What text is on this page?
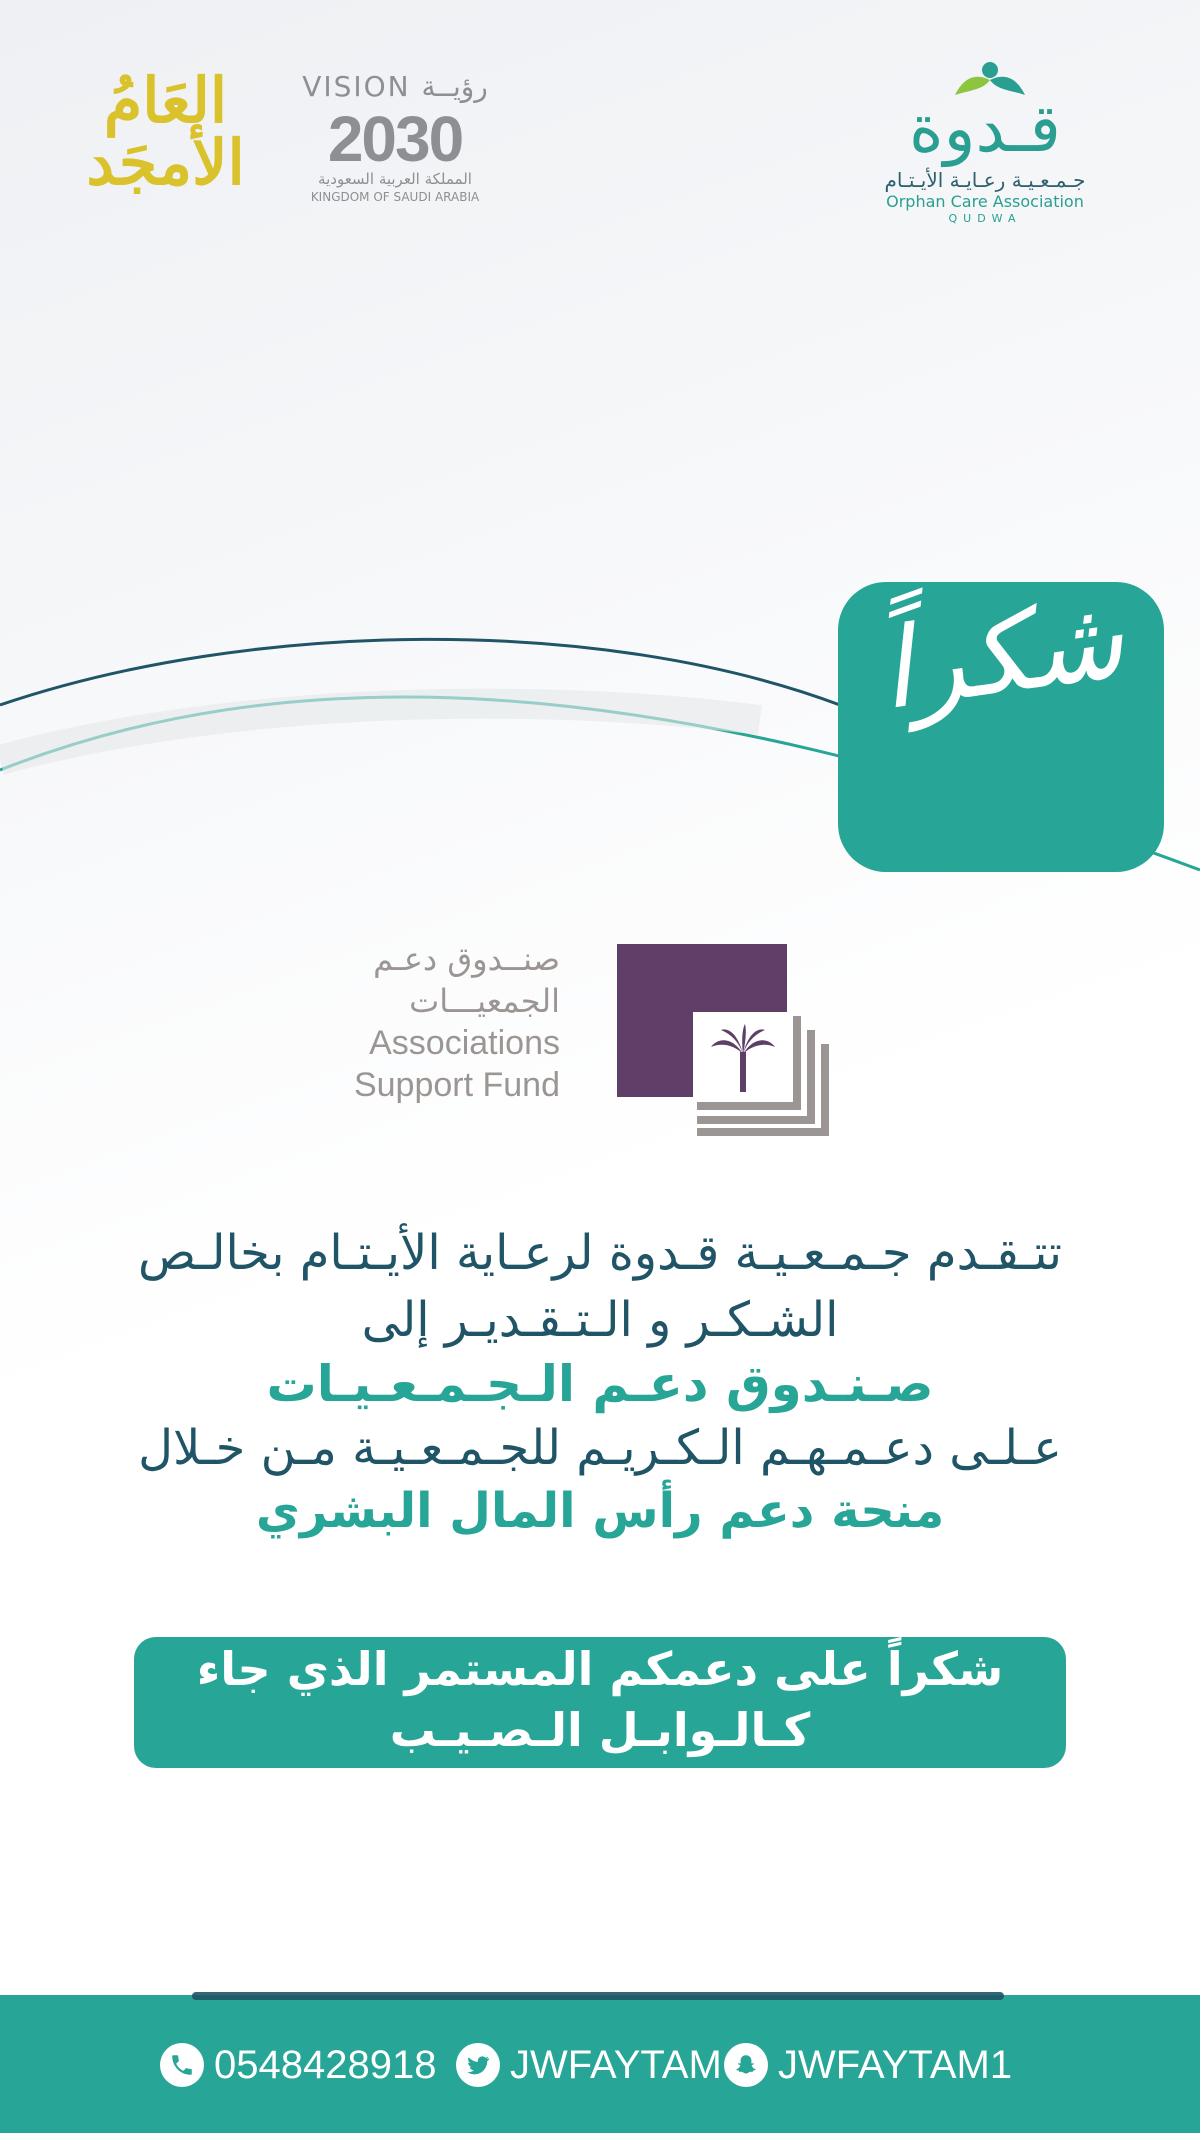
قـدوة
جـمـعـيـة رعـايـة الأيـتـام
Orphan Care Association
QUDWA
VISION رؤيــة
2030
المملكة العربية السعودية
KINGDOM OF SAUDI ARABIA
العَامُ الأمجَد
شكراً
صنــدوق دعـم
الجمعيـــات
Associations
Support Fund
تتـقـدم جـمـعـيـة قـدوة لرعـاية الأيـتـام بخالـص
الشـكـر و الـتـقـديـر إلى
صـنـدوق دعـم الـجـمـعـيـات
عـلـى دعـمـهـم الـكـريـم للجـمـعـيـة مـن خـلال
منحة دعم رأس المال البشري
شكراً على دعمكم المستمر الذي جاء
كـالـوابـل الـصـيـب
0548428918 JWFAYTAM JWFAYTAM1
